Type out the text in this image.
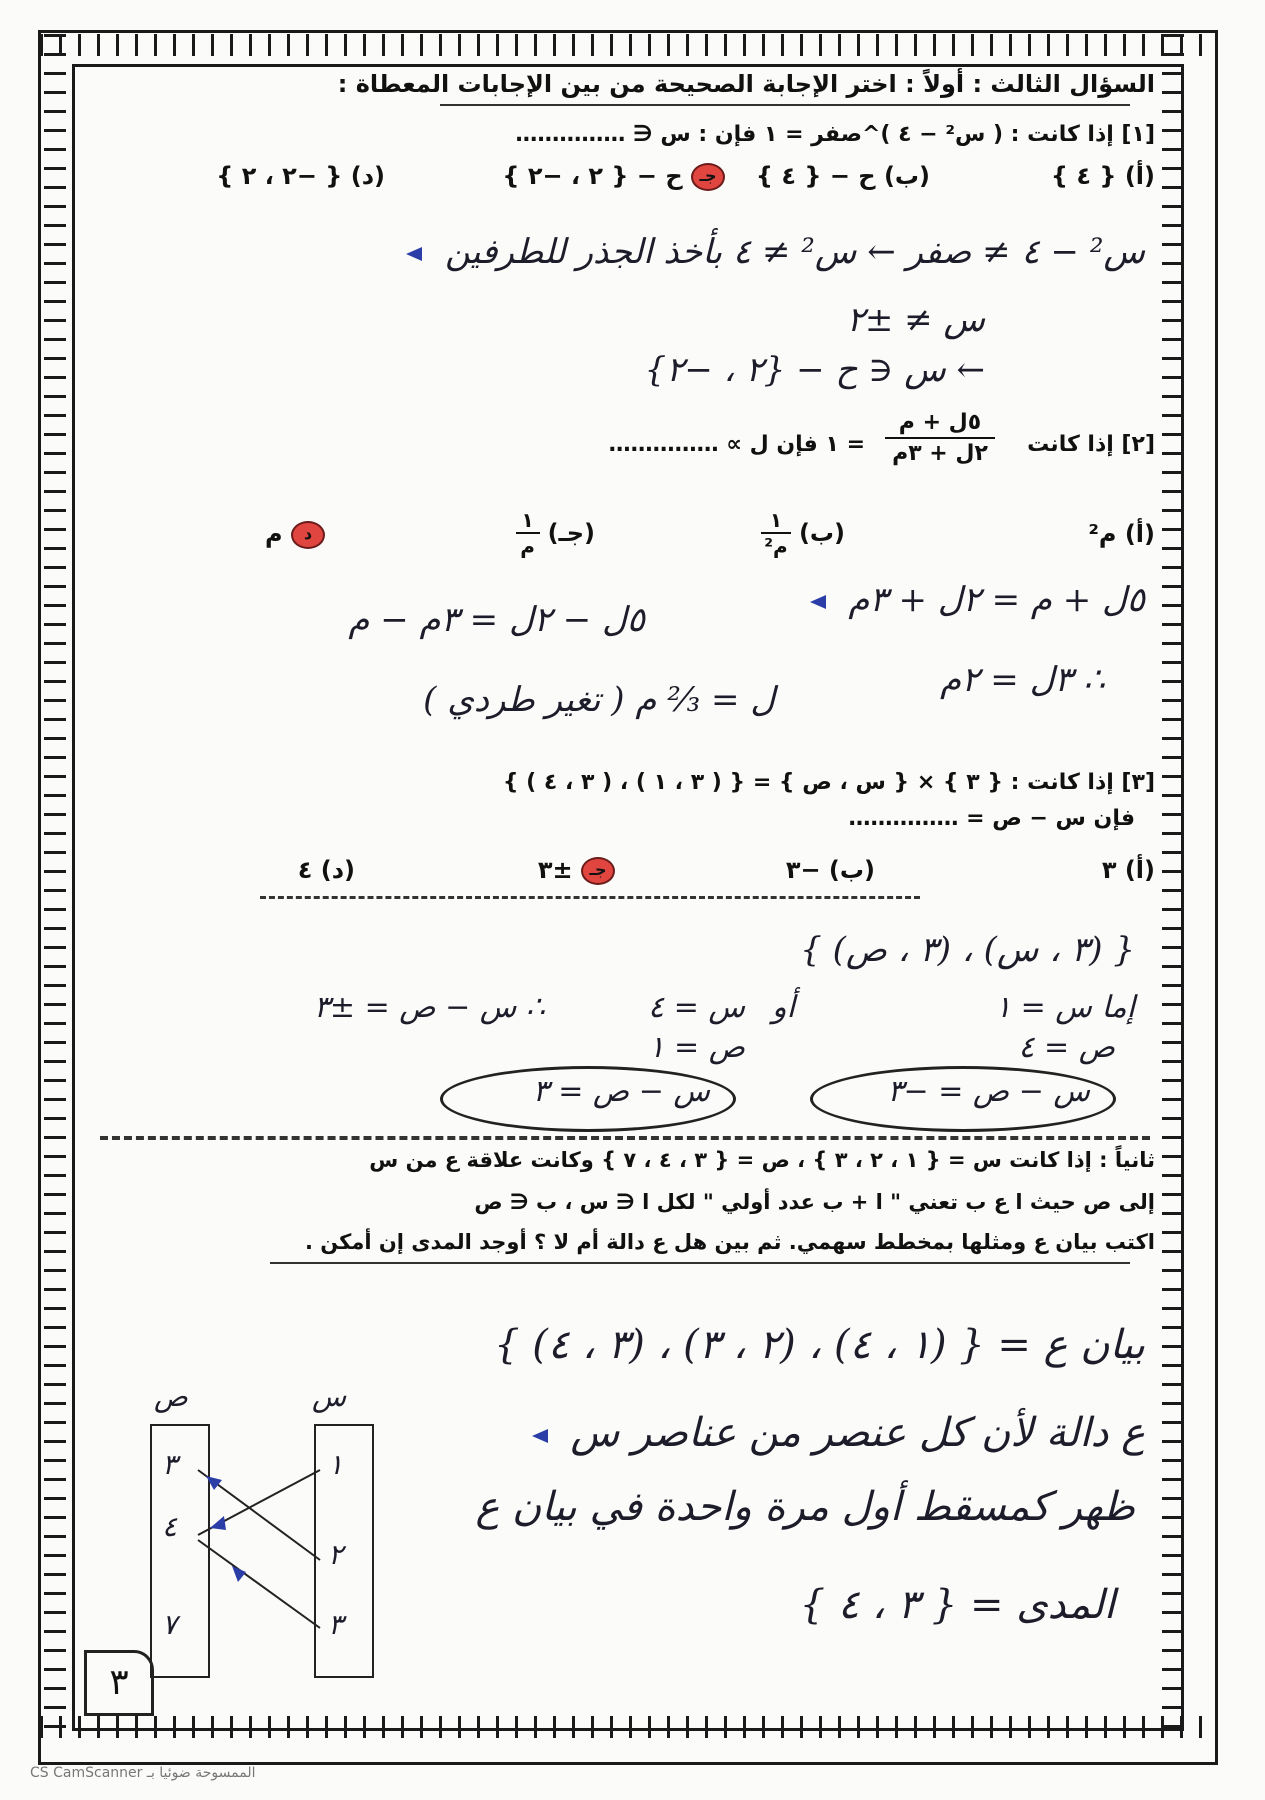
السؤال الثالث : أولاً : اختر الإجابة الصحيحة من بين الإجابات المعطاة :
[١] إذا كانت : ( س² − ٤ )^صفر = ١ فإن : س ∈ ……………
(أ) { ٤ }
(ب) ح − { ٤ }
جـ ح − { ٢ ، −٢ }
(د) { −٢ ، ٢ }
س² − ٤ ≠ صفر ← س² ≠ ٤ بأخذ الجذر للطرفين
س ≠ ±٢
← س ∈ ح − {٢ ، −٢}
[٢] إذا كانت
٥ل + م
٢ل + ٣م
= ١ فإن ل ∝ ……………
(أ) م²
(ب)
١
م²
(جـ)
١
م
د م
٥ل + م = ٢ل + ٣م
٥ل − ٢ل = ٣م − م
∴ ٣ل = ٢م
ل = ⅔ م ( تغير طردي )
[٣] إذا كانت : { ٣ } × { س ، ص } = { ( ٣ ، ١ ) ، ( ٣ ، ٤ ) }
فإن س − ص = ……………
(أ) ٣
(ب) −٣
جـ ±٣
(د) ٤
{ (٣ ، س) ، (٣ ، ص) }
إما س = ١
ص = ٤
أو
س = ٤
ص = ١
∴ س − ص = ±٣
س − ص = −٣
س − ص = ٣
ثانياً : إذا كانت س = { ١ ، ٢ ، ٣ } ، ص = { ٣ ، ٤ ، ٧ } وكانت علاقة ع من س
إلى ص حيث ا ع ب تعني " ا + ب عدد أولي " لكل ا ∈ س ، ب ∈ ص
اكتب بيان ع ومثلها بمخطط سهمي. ثم بين هل ع دالة أم لا ؟ أوجد المدى إن أمكن .
بيان ع = { (١ ، ٤) ، (٢ ، ٣) ، (٣ ، ٤) }
ع دالة لأن كل عنصر من عناصر س
ظهر كمسقط أول مرة واحدة في بيان ع
المدى = { ٣ ، ٤ }
س
ص
١
٢
٣
٣
٤
٧
٣
CS CamScanner الممسوحة ضوئيا بـ
